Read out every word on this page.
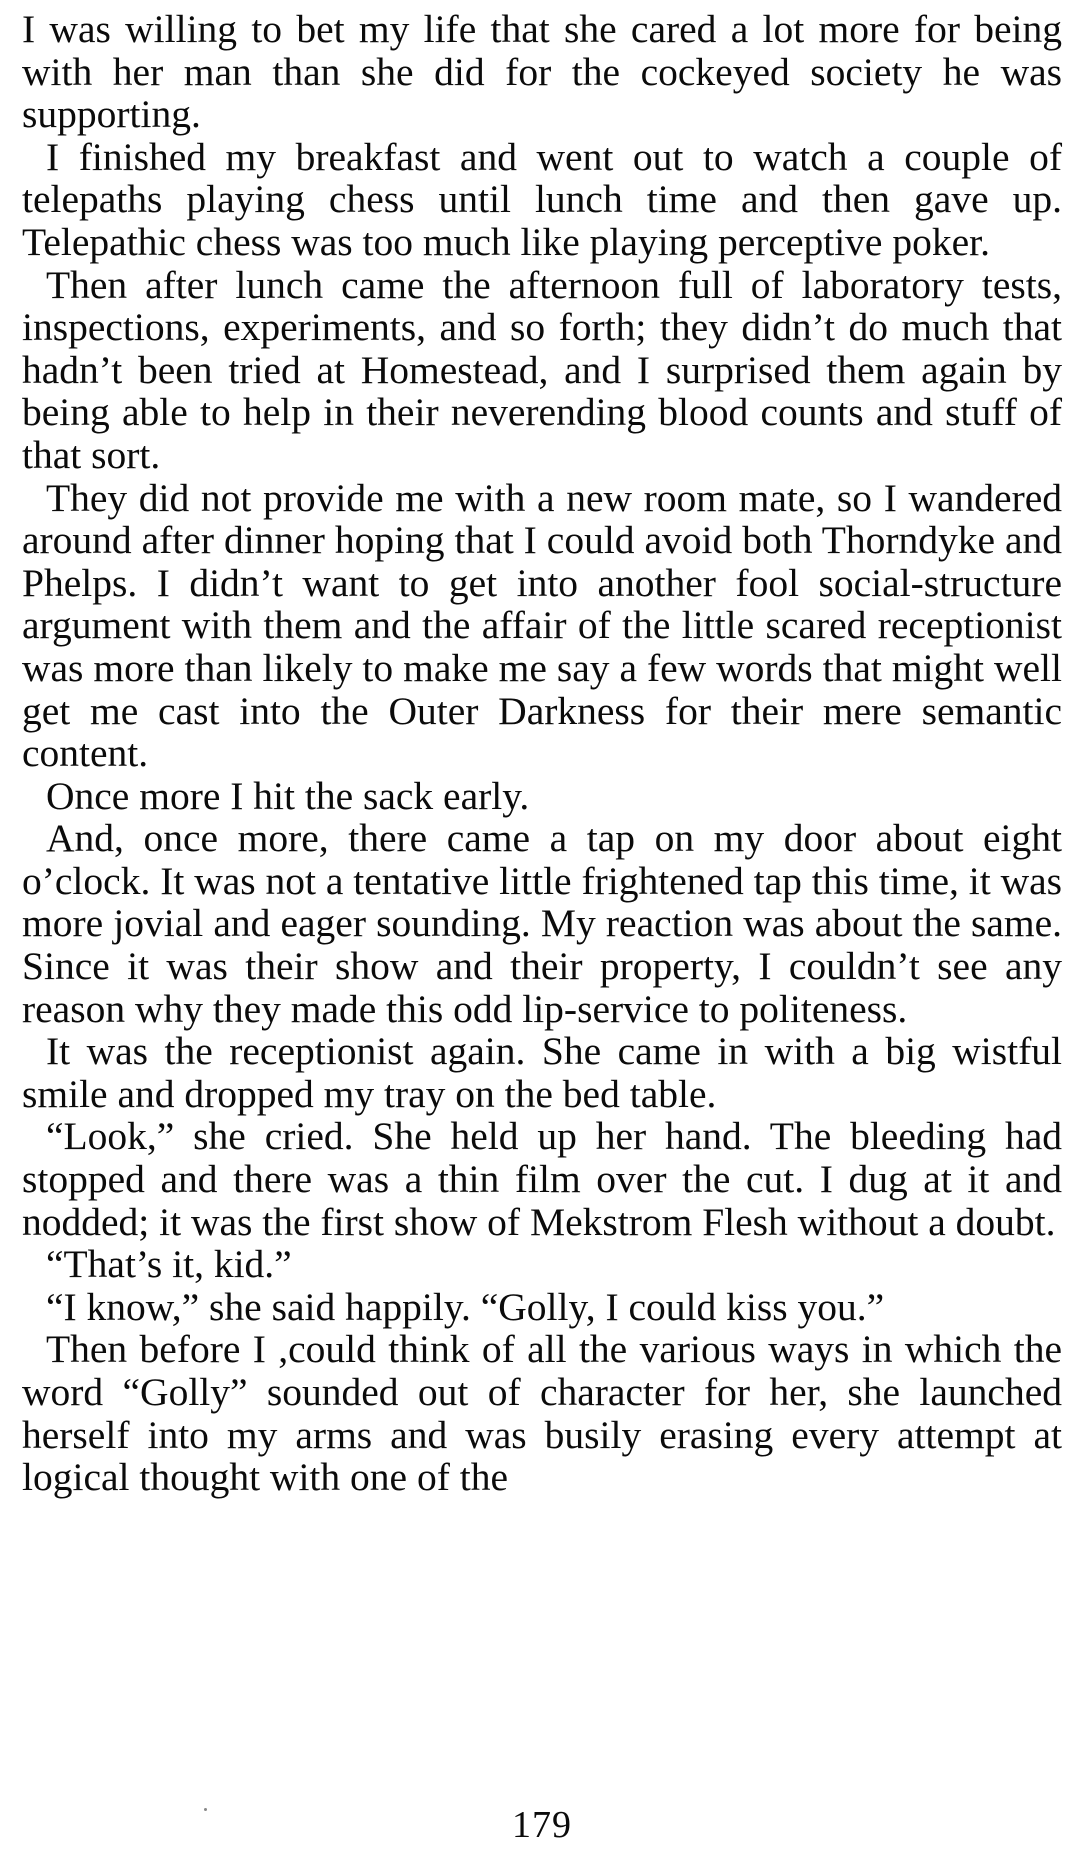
I was willing to bet my life that she cared a lot more for being with her man than she did for the cockeyed society he was supporting.

I finished my breakfast and went out to watch a couple of telepaths playing chess until lunch time and then gave up. Telepathic chess was too much like playing perceptive poker.

Then after lunch came the afternoon full of laboratory tests, inspections, experiments, and so forth; they didn’t do much that hadn’t been tried at Homestead, and I surprised them again by being able to help in their neverending blood counts and stuff of that sort.

They did not provide me with a new room mate, so I wandered around after dinner hoping that I could avoid both Thorndyke and Phelps. I didn’t want to get into another fool social-structure argument with them and the affair of the little scared receptionist was more than likely to make me say a few words that might well get me cast into the Outer Darkness for their mere semantic content.

Once more I hit the sack early.

And, once more, there came a tap on my door about eight o’clock. It was not a tentative little frightened tap this time, it was more jovial and eager sounding. My reaction was about the same. Since it was their show and their property, I couldn’t see any reason why they made this odd lip-service to politeness.

It was the receptionist again. She came in with a big wistful smile and dropped my tray on the bed table.

“Look,” she cried. She held up her hand. The bleeding had stopped and there was a thin film over the cut. I dug at it and nodded; it was the first show of Mekstrom Flesh without a doubt.

“That’s it, kid.”

“I know,” she said happily. “Golly, I could kiss you.”

Then before I ,could think of all the various ways in which the word “Golly” sounded out of character for her, she launched herself into my arms and was busily erasing every attempt at logical thought with one of the

179
